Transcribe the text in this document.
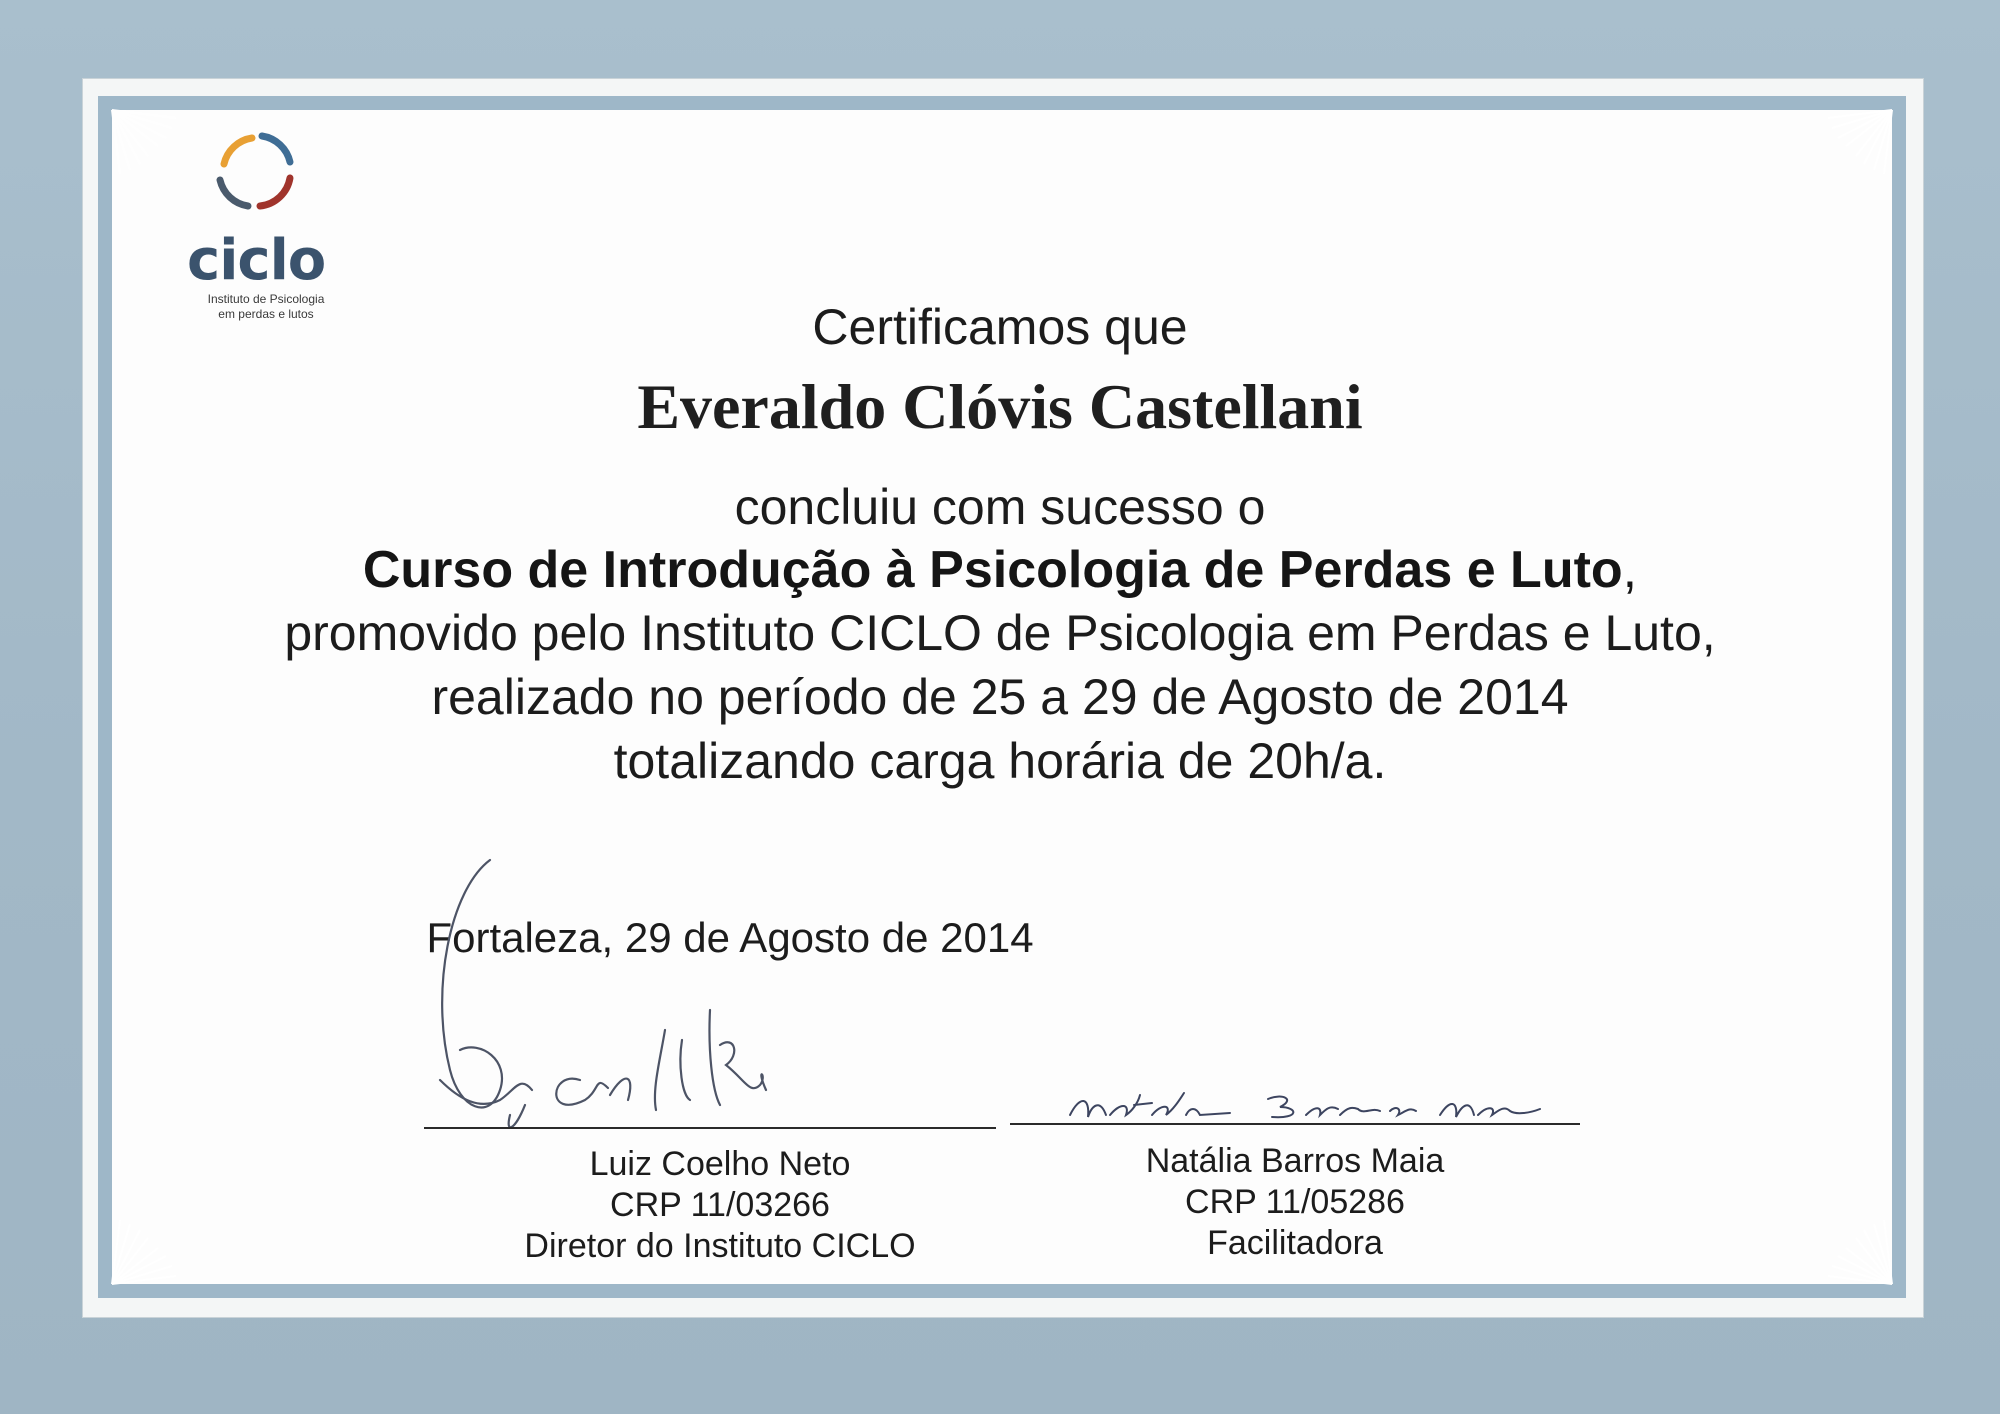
ciclo
Instituto de Psicologia
em perdas e lutos	Certificamos que
Everaldo Clóvis Castellani
concluiu com sucesso o
Curso de Introdução à Psicologia de Perdas e Luto,
promovido pelo Instituto CICLO de Psicologia em Perdas e Luto,
realizado no período de 25 a 29 de Agosto de 2014
totalizando carga horária de 20h/a.
Fortaleza, 29 de Agosto de 2014
Luiz Coelho Neto
CRP 11/03266
Diretor do Instituto CICLO
Natália Barros Maia
CRP 11/05286
Facilitadora
